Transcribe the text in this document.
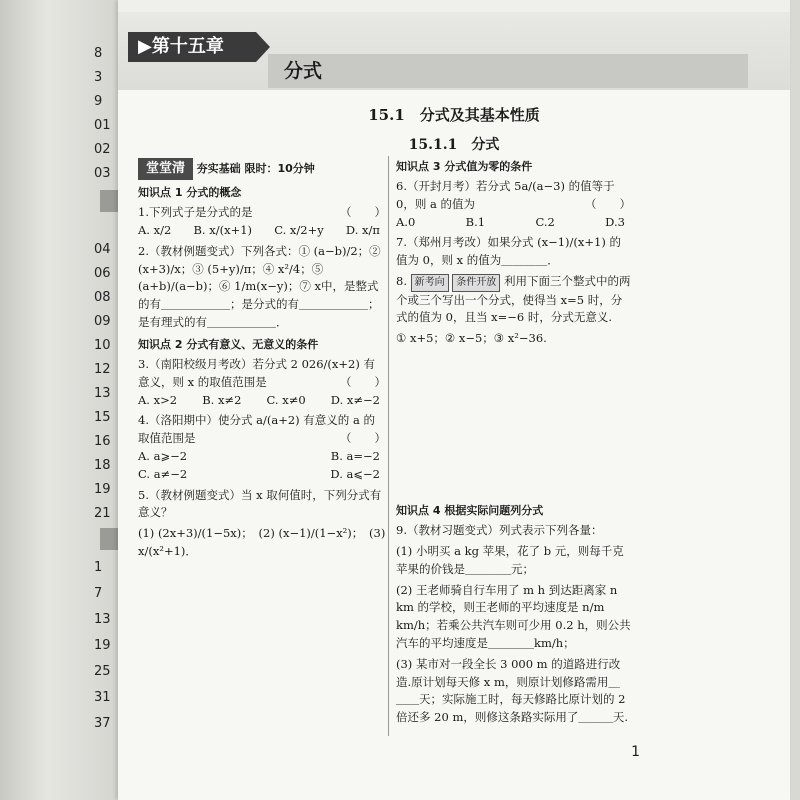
8
3
9
01
02
03
04
06
08
09
10
12
13
15
16
18
19
21
1
7
13
19
25
31
37
▶第十五章
分式
15.1　分式及其基本性质
15.1.1　分式
堂堂清 夯实基础 限时：10分钟
知识点 1 分式的概念
1.下列式子是分式的是	（　　）
A. x/2 B. x/(x+1) C. x/2+y D. x/π
2.（教材例题变式）下列各式：① (a−b)/2；② (x+3)/x；③ (5+y)/π；④ x²/4；⑤ (a+b)/(a−b)；⑥ 1/m(x−y)；⑦ x中，是整式的有＿＿＿＿＿＿；是分式的有＿＿＿＿＿＿；是有理式的有＿＿＿＿＿＿．
知识点 2 分式有意义、无意义的条件
3.（南阳校级月考改）若分式 2 026/(x+2) 有意义，则 x 的取值范围是	（　　）
A. x>2 B. x≠2 C. x≠0 D. x≠−2
4.（洛阳期中）使分式 a/(a+2) 有意义的 a 的取值范围是	（　　）
A. a⩾−2	B. a=−2
C. a≠−2	D. a⩽−2
5.（教材例题变式）当 x 取何值时，下列分式有意义？
(1) (2x+3)/(1−5x)；　(2) (x−1)/(1−x²)；　(3) x/(x²+1)．
知识点 3 分式值为零的条件
6.（开封月考）若分式 5a/(a−3) 的值等于 0，则 a 的值为	（　　）
A.0	B.1	C.2	D.3
7.（郑州月考改）如果分式 (x−1)/(x+1) 的值为 0，则 x 的值为＿＿＿＿．
8. 新考向 条件开放 利用下面三个整式中的两个或三个写出一个分式，使得当 x=5 时，分式的值为 0，且当 x=−6 时，分式无意义.
① x+5；② x−5；③ x²−36.
知识点 4 根据实际问题列分式
9.（教材习题变式）列式表示下列各量：
(1) 小明买 a kg 苹果，花了 b 元，则每千克苹果的价钱是＿＿＿＿元；
(2) 王老师骑自行车用了 m h 到达距离家 n km 的学校，则王老师的平均速度是 n/m km/h；若乘公共汽车则可少用 0.2 h，则公共汽车的平均速度是＿＿＿＿km/h；
(3) 某市对一段全长 3 000 m 的道路进行改造.原计划每天修 x m，则原计划修路需用＿＿＿天；实际施工时，每天修路比原计划的 2 倍还多 20 m，则修这条路实际用了＿＿＿天.
1
